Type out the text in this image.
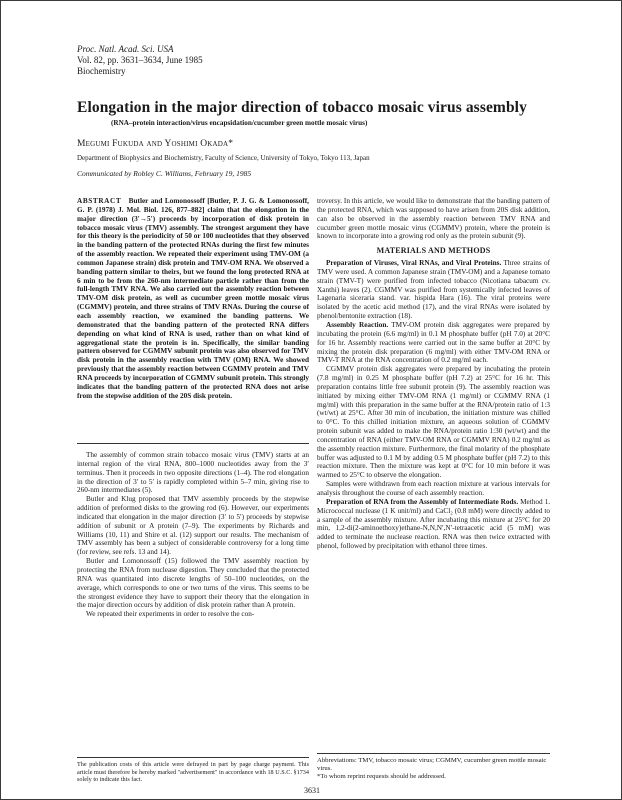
Proc. Natl. Acad. Sci. USA
Vol. 82, pp. 3631–3634, June 1985
Biochemistry
Elongation in the major direction of tobacco mosaic virus assembly
(RNA–protein interaction/virus encapsidation/cucumber green mottle mosaic virus)
Megumi Fukuda and Yoshimi Okada*
Department of Biophysics and Biochemistry, Faculty of Science, University of Tokyo, Tokyo 113, Japan
Communicated by Robley C. Williams, February 19, 1985

ABSTRACT Butler and Lomonossoff [Butler, P. J. G. & Lomonossoff, G. P. (1978) J. Mol. Biol. 126, 877–882] claim that the elongation in the major direction (3′→5′) proceeds by incorporation of disk protein in tobacco mosaic virus (TMV) assembly. The strongest argument they have for this theory is the periodicity of 50 or 100 nucleotides that they observed in the banding pattern of the protected RNAs during the first few minutes of the assembly reaction. We repeated their experiment using TMV-OM (a common Japanese strain) disk protein and TMV-OM RNA. We observed a banding pattern similar to theirs, but we found the long protected RNA at 6 min to be from the 260-nm intermediate particle rather than from the full-length TMV RNA. We also carried out the assembly reaction between TMV-OM disk protein, as well as cucumber green mottle mosaic virus (CGMMV) protein, and three strains of TMV RNAs. During the course of each assembly reaction, we examined the banding patterns. We demonstrated that the banding pattern of the protected RNA differs depending on what kind of RNA is used, rather than on what kind of aggregational state the protein is in. Specifically, the similar banding pattern observed for CGMMV subunit protein was also observed for TMV disk protein in the assembly reaction with TMV (OM) RNA. We showed previously that the assembly reaction between CGMMV protein and TMV RNA proceeds by incorporation of CGMMV subunit protein. This strongly indicates that the banding pattern of the protected RNA does not arise from the stepwise addition of the 20S disk protein.

The assembly of common strain tobacco mosaic virus (TMV) starts at an internal region of the viral RNA, 800–1000 nucleotides away from the 3′ terminus. Then it proceeds in two opposite directions (1–4). The rod elongation in the direction of 3′ to 5′ is rapidly completed within 5–7 min, giving rise to 260-nm intermediates (5).

Butler and Klug proposed that TMV assembly proceeds by the stepwise addition of preformed disks to the growing rod (6). However, our experiments indicated that elongation in the major direction (3′ to 5′) proceeds by stepwise addition of subunit or A protein (7–9). The experiments by Richards and Williams (10, 11) and Shire et al. (12) support our results. The mechanism of TMV assembly has been a subject of considerable controversy for a long time (for review, see refs. 13 and 14).

Butler and Lomonossoff (15) followed the TMV assembly reaction by protecting the RNA from nuclease digestion. They concluded that the protected RNA was quantitated into discrete lengths of 50–100 nucleotides, on the average, which corresponds to one or two turns of the virus. This seems to be the strongest evidence they have to support their theory that the elongation in the major direction occurs by addition of disk protein rather than A protein.

We repeated their experiments in order to resolve the con-

troversy. In this article, we would like to demonstrate that the banding pattern of the protected RNA, which was supposed to have arisen from 20S disk addition, can also be observed in the assembly reaction between TMV RNA and cucumber green mottle mosaic virus (CGMMV) protein, where the protein is known to incorporate into a growing rod only as the protein subunit (9).

MATERIALS AND METHODS

Preparation of Viruses, Viral RNAs, and Viral Proteins. Three strains of TMV were used. A common Japanese strain (TMV-OM) and a Japanese tomato strain (TMV-T) were purified from infected tobacco (Nicotiana tabacum cv. Xanthi) leaves (2). CGMMV was purified from systemically infected leaves of Lagenaria siceraria stand. var. hispida Hara (16). The viral proteins were isolated by the acetic acid method (17), and the viral RNAs were isolated by phenol/bentonite extraction (18).

Assembly Reaction. TMV-OM protein disk aggregates were prepared by incubating the protein (6.6 mg/ml) in 0.1 M phosphate buffer (pH 7.0) at 20°C for 16 hr. Assembly reactions were carried out in the same buffer at 20°C by mixing the protein disk preparation (6 mg/ml) with either TMV-OM RNA or TMV-T RNA at the RNA concentration of 0.2 mg/ml each.

CGMMV protein disk aggregates were prepared by incubating the protein (7.8 mg/ml) in 0.25 M phosphate buffer (pH 7.2) at 25°C for 16 hr. This preparation contains little free subunit protein (9). The assembly reaction was initiated by mixing either TMV-OM RNA (1 mg/ml) or CGMMV RNA (1 mg/ml) with this preparation in the same buffer at the RNA/protein ratio of 1:3 (wt/wt) at 25°C. After 30 min of incubation, the initiation mixture was chilled to 0°C. To this chilled initiation mixture, an aqueous solution of CGMMV protein subunit was added to make the RNA/protein ratio 1:30 (wt/wt) and the concentration of RNA (either TMV-OM RNA or CGMMV RNA) 0.2 mg/ml as the assembly reaction mixture. Furthermore, the final molarity of the phosphate buffer was adjusted to 0.1 M by adding 0.5 M phosphate buffer (pH 7.2) to this reaction mixture. Then the mixture was kept at 0°C for 10 min before it was warmed to 25°C to observe the elongation.

Samples were withdrawn from each reaction mixture at various intervals for analysis throughout the course of each assembly reaction.

Preparation of RNA from the Assembly of Intermediate Rods. Method 1. Micrococcal nuclease (1 K unit/ml) and CaCl₂ (0.8 mM) were directly added to a sample of the assembly mixture. After incubating this mixture at 25°C for 20 min, 1,2-di(2-aminoethoxy)ethane-N,N,N′,N′-tetraacetic acid (5 mM) was added to terminate the nuclease reaction. RNA was then twice extracted with phenol, followed by precipitation with ethanol three times.

The publication costs of this article were defrayed in part by page charge payment. This article must therefore be hereby marked "advertisement" in accordance with 18 U.S.C. §1734 solely to indicate this fact.
Abbreviations: TMV, tobacco mosaic virus; CGMMV, cucumber green mottle mosaic virus.
*To whom reprint requests should be addressed.
3631
